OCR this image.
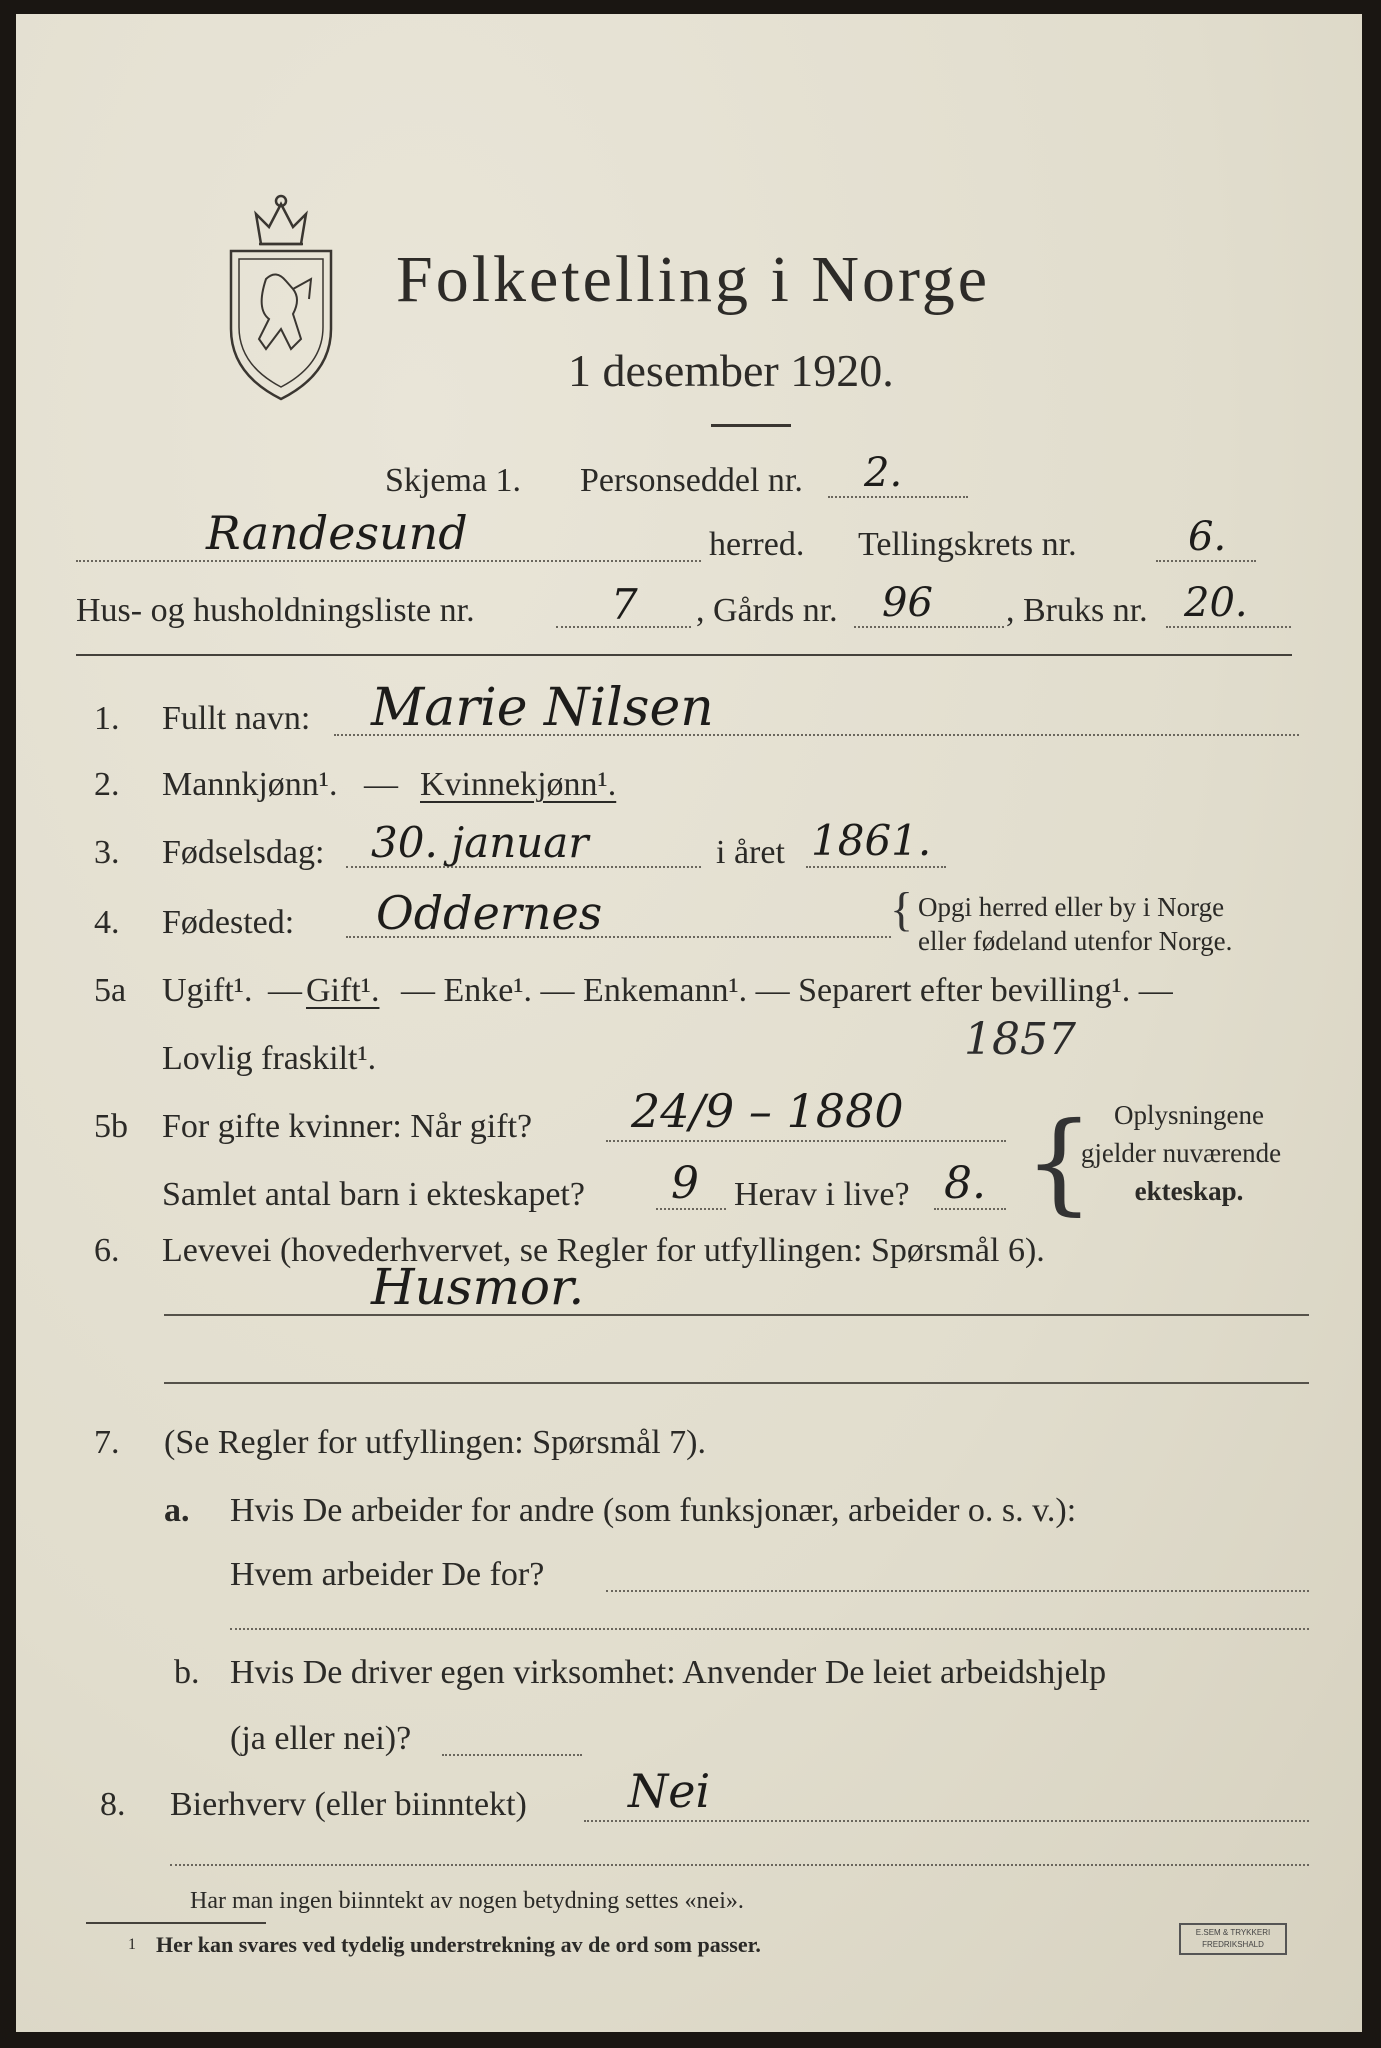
Folketelling i Norge
1 desember 1920.
Skjema 1. Personseddel nr. 2.
Randesund	herred. Tellingskrets nr.	6.
Hus- og husholdningsliste nr.	7 , Gårds nr. 96 , Bruks nr. 20.
1. Fullt navn: Marie Nilsen
2. Mannkjønn¹. — Kvinnekjønn¹.
3. Fødselsdag: 30. januar	i året 1861.
4. Fødested: Oddernes	{ Opgi herred eller by i Norge
eller fødeland utenfor Norge.
5a Ugift¹. — Gift¹. — Enke¹. — Enkemann¹. — Separert efter bevilling¹. —
Lovlig fraskilt¹.	1857
5b For gifte kvinner: Når gift? 24/9 – 1880
Samlet antal barn i ekteskapet? 9 Herav i live? 8. { Oplysningene
gjelder nuværende
ekteskap.
6. Levevei (hovederhvervet, se Regler for utfyllingen: Spørsmål 6).
Husmor.
7. (Se Regler for utfyllingen: Spørsmål 7).
a. Hvis De arbeider for andre (som funksjonær, arbeider o. s. v.):
Hvem arbeider De for?
b. Hvis De driver egen virksomhet: Anvender De leiet arbeidshjelp
(ja eller nei)?
8. Bierhverv (eller biinntekt) Nei
Har man ingen biinntekt av nogen betydning settes «nei».
1 Her kan svares ved tydelig understrekning av de ord som passer.	E.SEM & TRYKKERI
FREDRIKSHALD
